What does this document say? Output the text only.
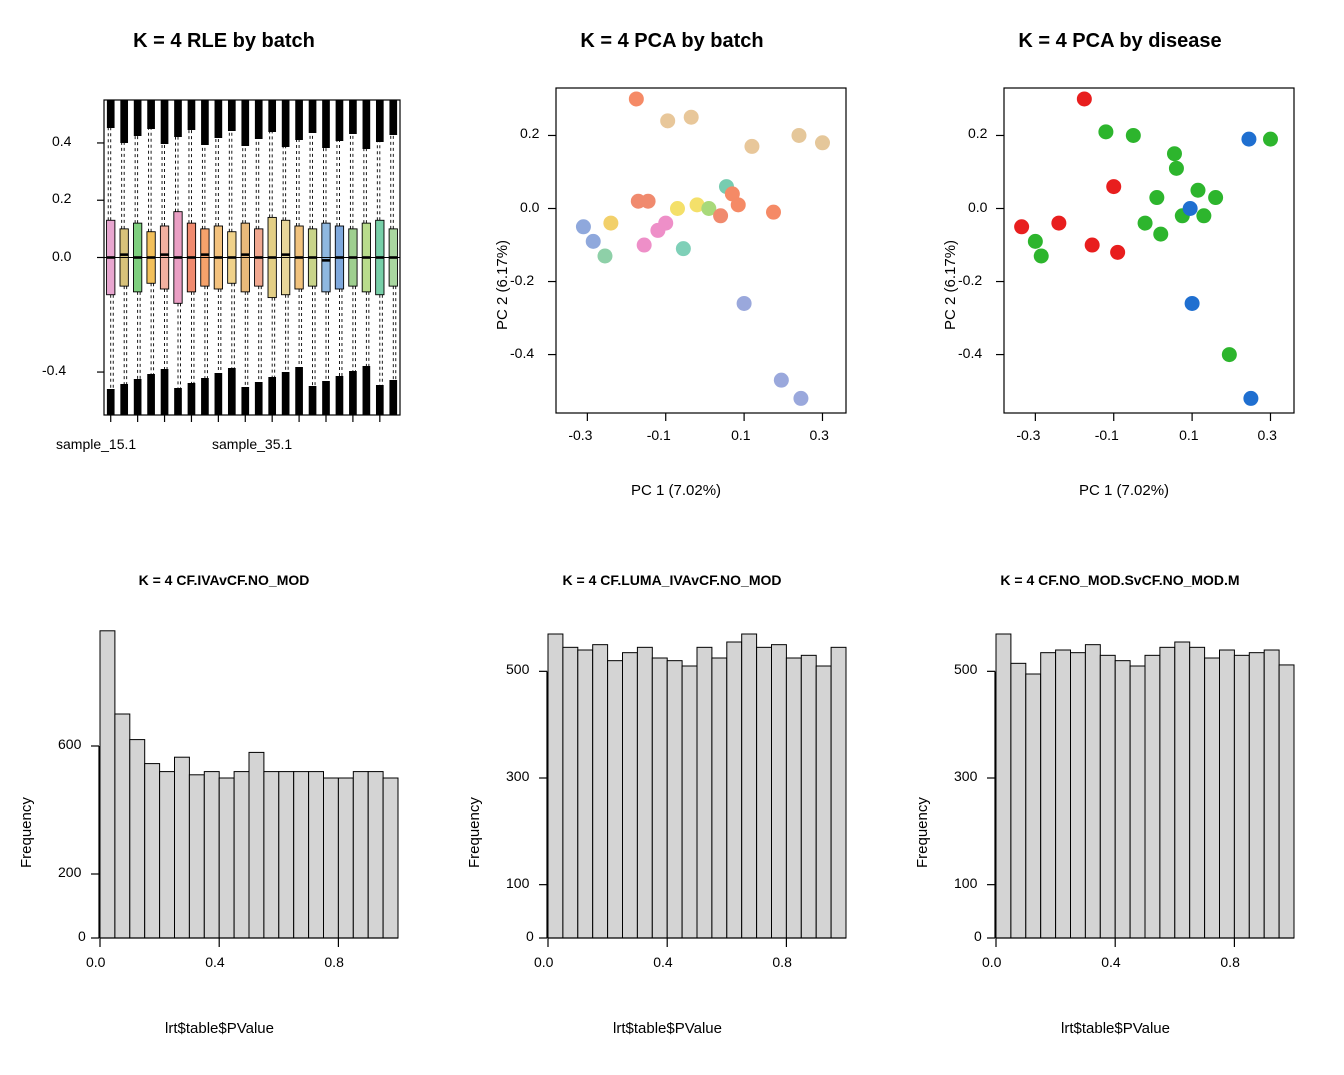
K = 4 RLE by batch
0.4
0.2
0.0
-0.4
sample_15.1	sample_35.1
K = 4 PCA by batch
-0.3	-0.1	0.1	0.3
0.2
0.0
-0.2
-0.4
PC 1 (7.02%)
PC 2 (6.17%)
K = 4 PCA by disease
-0.3	-0.1	0.1	0.3
0.2
0.0
-0.2
-0.4
PC 1 (7.02%)
PC 2 (6.17%)
K = 4 CF.IVAvCF.NO_MOD
0.0	0.4	0.8
0
200
600
lrt$table$PValue
Frequency
K = 4 CF.LUMA_IVAvCF.NO_MOD
0.0	0.4	0.8
0
100
300
500
lrt$table$PValue
Frequency
K = 4 CF.NO_MOD.SvCF.NO_MOD.M
0.0	0.4	0.8
0
100
300
500
lrt$table$PValue
Frequency
